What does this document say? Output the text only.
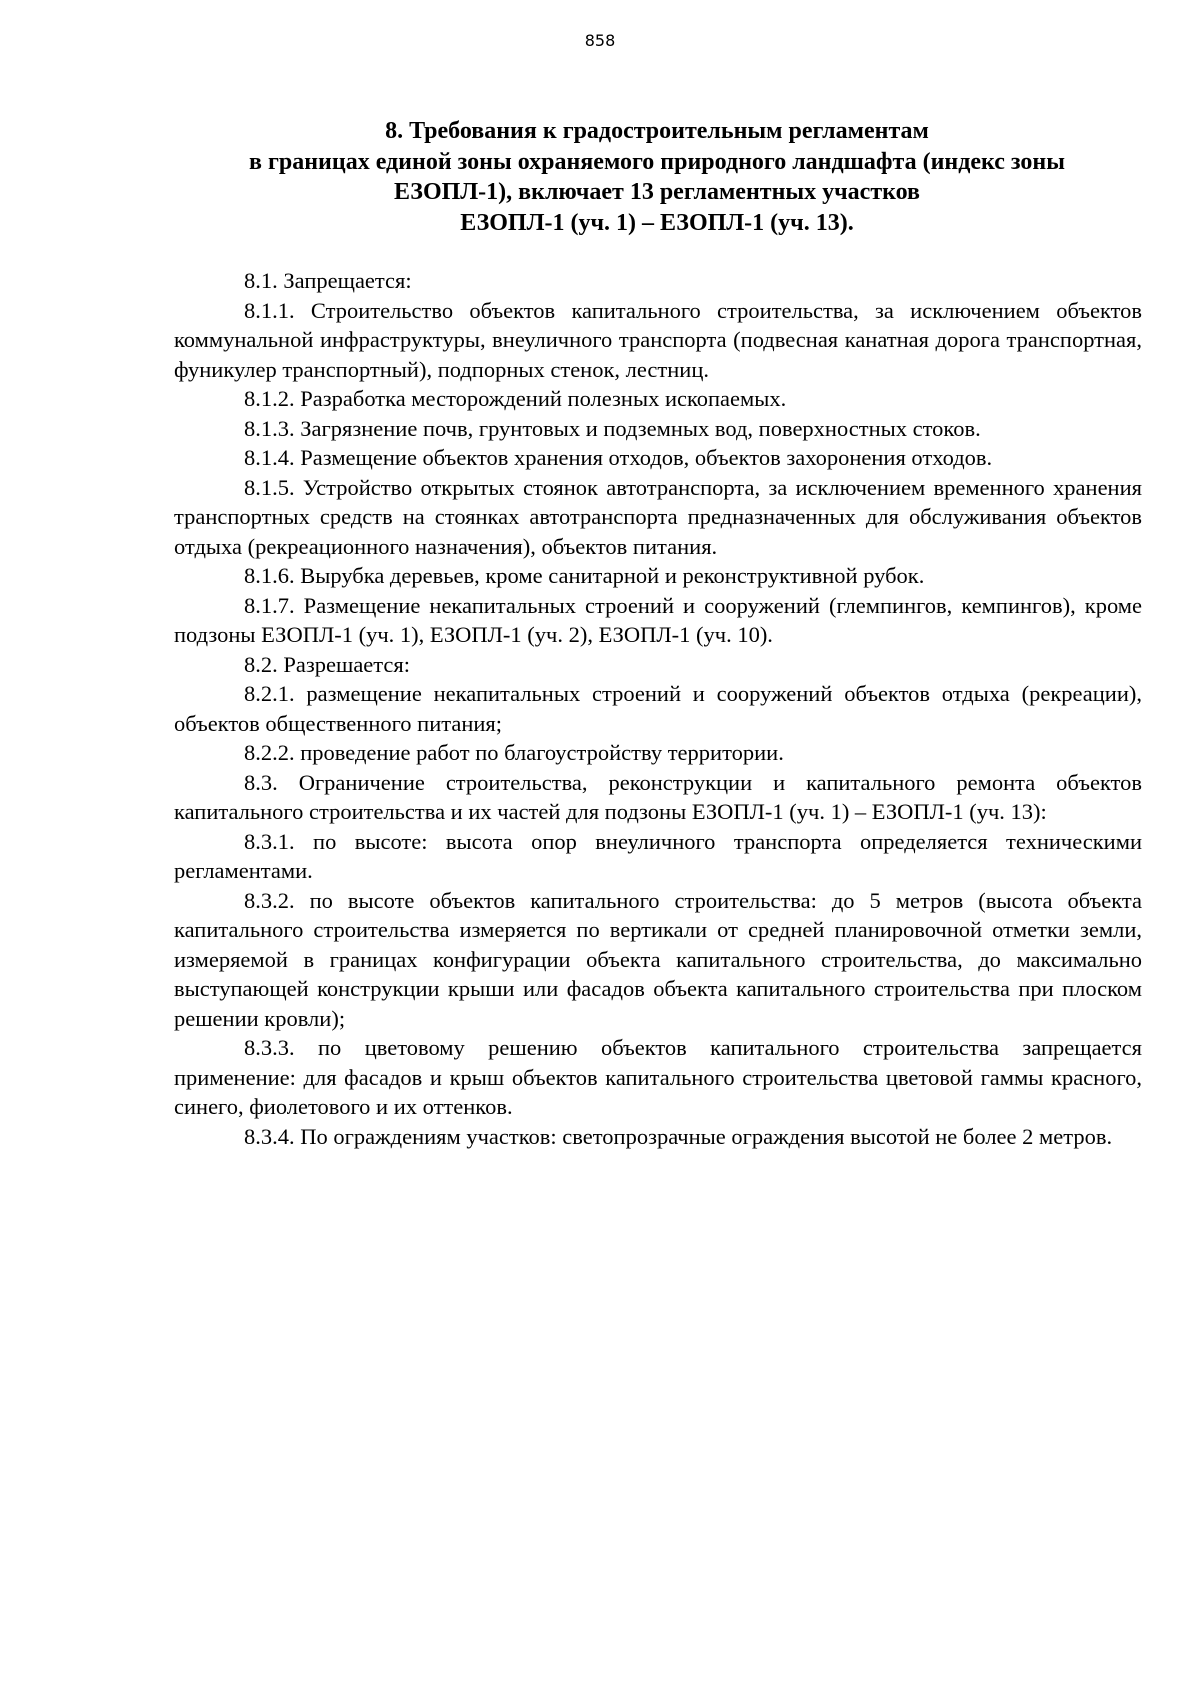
858
8. Требования к градостроительным регламентам
в границах единой зоны охраняемого природного ландшафта (индекс зоны
ЕЗОПЛ-1), включает 13 регламентных участков
ЕЗОПЛ-1 (уч. 1) – ЕЗОПЛ-1 (уч. 13).

8.1. Запрещается:

8.1.1. Строительство объектов капитального строительства, за исключением объектов коммунальной инфраструктуры, внеуличного транспорта (подвесная канатная дорога транспортная, фуникулер транспортный), подпорных стенок, лестниц.

8.1.2. Разработка месторождений полезных ископаемых.

8.1.3. Загрязнение почв, грунтовых и подземных вод, поверхностных стоков.

8.1.4. Размещение объектов хранения отходов, объектов захоронения отходов.

8.1.5. Устройство открытых стоянок автотранспорта, за исключением временного хранения транспортных средств на стоянках автотранспорта предназначенных для обслуживания объектов отдыха (рекреационного назначения), объектов питания.

8.1.6. Вырубка деревьев, кроме санитарной и реконструктивной рубок.

8.1.7. Размещение некапитальных строений и сооружений (глемпингов, кемпингов), кроме подзоны ЕЗОПЛ-1 (уч. 1), ЕЗОПЛ-1 (уч. 2), ЕЗОПЛ-1 (уч. 10).

8.2. Разрешается:

8.2.1. размещение некапитальных строений и сооружений объектов отдыха (рекреации), объектов общественного питания;

8.2.2. проведение работ по благоустройству территории.

8.3. Ограничение строительства, реконструкции и капитального ремонта объектов капитального строительства и их частей для подзоны ЕЗОПЛ-1 (уч. 1) – ЕЗОПЛ-1 (уч. 13):

8.3.1. по высоте: высота опор внеуличного транспорта определяется техническими регламентами.

8.3.2. по высоте объектов капитального строительства: до 5 метров (высота объекта капитального строительства измеряется по вертикали от средней планировочной отметки земли, измеряемой в границах конфигурации объекта капитального строительства, до максимально выступающей конструкции крыши или фасадов объекта капитального строительства при плоском решении кровли);

8.3.3. по цветовому решению объектов капитального строительства запрещается применение: для фасадов и крыш объектов капитального строительства цветовой гаммы красного, синего, фиолетового и их оттенков.

8.3.4. По ограждениям участков: светопрозрачные ограждения высотой не более 2 метров.
